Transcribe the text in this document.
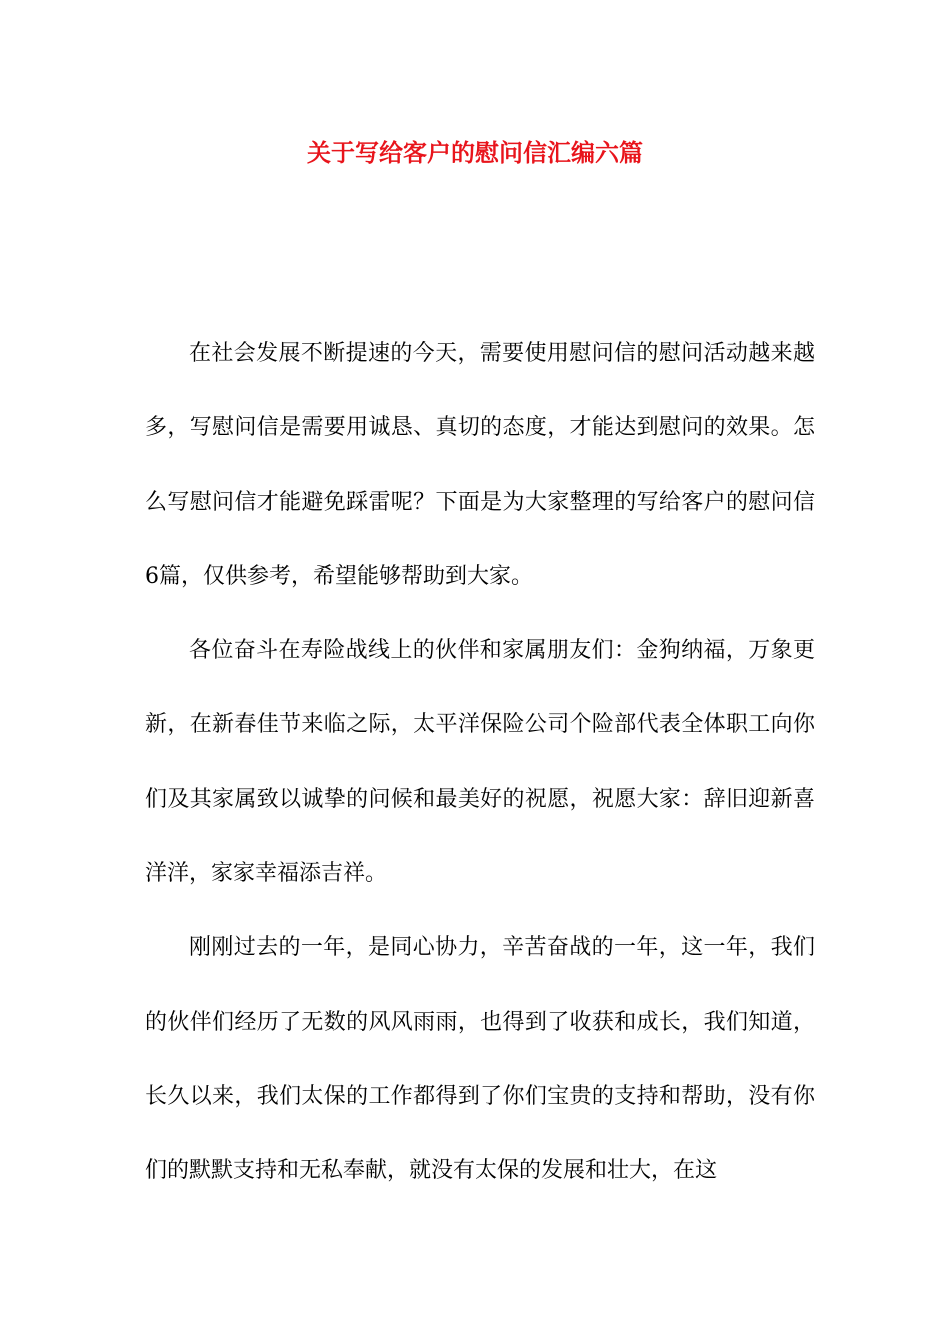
关于写给客户的慰问信汇编六篇

在社会发展不断提速的今天，需要使用慰问信的慰问活动越来越多，写慰问信是需要用诚恳、真切的态度，才能达到慰问的效果。怎么写慰问信才能避免踩雷呢？下面是为大家整理的写给客户的慰问信6篇，仅供参考，希望能够帮助到大家。

各位奋斗在寿险战线上的伙伴和家属朋友们：金狗纳福，万象更新，在新春佳节来临之际，太平洋保险公司个险部代表全体职工向你们及其家属致以诚挚的问候和最美好的祝愿，祝愿大家：辞旧迎新喜洋洋，家家幸福添吉祥。

刚刚过去的一年，是同心协力，辛苦奋战的一年，这一年，我们的伙伴们经历了无数的风风雨雨，也得到了收获和成长，我们知道，长久以来，我们太保的工作都得到了你们宝贵的支持和帮助，没有你们的默默支持和无私奉献，就没有太保的发展和壮大，在这
